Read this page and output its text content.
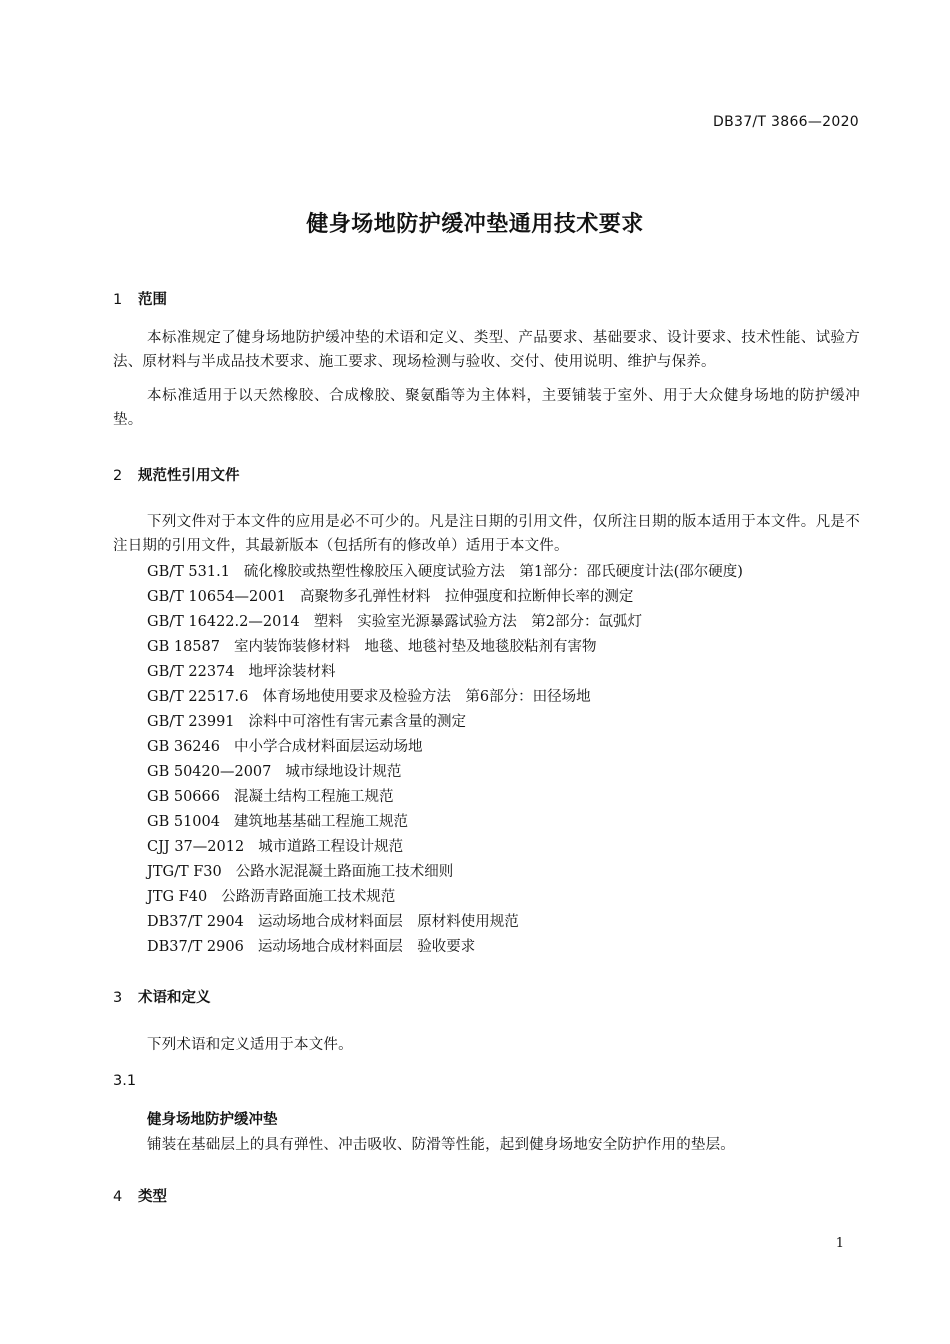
DB37/T 3866—2020
健身场地防护缓冲垫通用技术要求
1 范围

本标准规定了健身场地防护缓冲垫的术语和定义、类型、产品要求、基础要求、设计要求、技术性能、试验方法、原材料与半成品技术要求、施工要求、现场检测与验收、交付、使用说明、维护与保养。

本标准适用于以天然橡胶、合成橡胶、聚氨酯等为主体料，主要铺装于室外、用于大众健身场地的防护缓冲垫。

2 规范性引用文件

下列文件对于本文件的应用是必不可少的。凡是注日期的引用文件，仅所注日期的版本适用于本文件。凡是不注日期的引用文件，其最新版本（包括所有的修改单）适用于本文件。

GB/T 531.1 硫化橡胶或热塑性橡胶压入硬度试验方法　第1部分：邵氏硬度计法(邵尔硬度)
GB/T 10654—2001 高聚物多孔弹性材料　拉伸强度和拉断伸长率的测定
GB/T 16422.2—2014 塑料　实验室光源暴露试验方法　第2部分：氙弧灯
GB 18587 室内装饰装修材料　地毯、地毯衬垫及地毯胶粘剂有害物
GB/T 22374 地坪涂装材料
GB/T 22517.6 体育场地使用要求及检验方法　第6部分：田径场地
GB/T 23991 涂料中可溶性有害元素含量的测定
GB 36246 中小学合成材料面层运动场地
GB 50420—2007 城市绿地设计规范
GB 50666 混凝土结构工程施工规范
GB 51004 建筑地基基础工程施工规范
CJJ 37—2012 城市道路工程设计规范
JTG/T F30 公路水泥混凝土路面施工技术细则
JTG F40 公路沥青路面施工技术规范
DB37/T 2904 运动场地合成材料面层　原材料使用规范
DB37/T 2906 运动场地合成材料面层　验收要求
3 术语和定义

下列术语和定义适用于本文件。

3.1
健身场地防护缓冲垫
铺装在基础层上的具有弹性、冲击吸收、防滑等性能，起到健身场地安全防护作用的垫层。
4 类型
1
